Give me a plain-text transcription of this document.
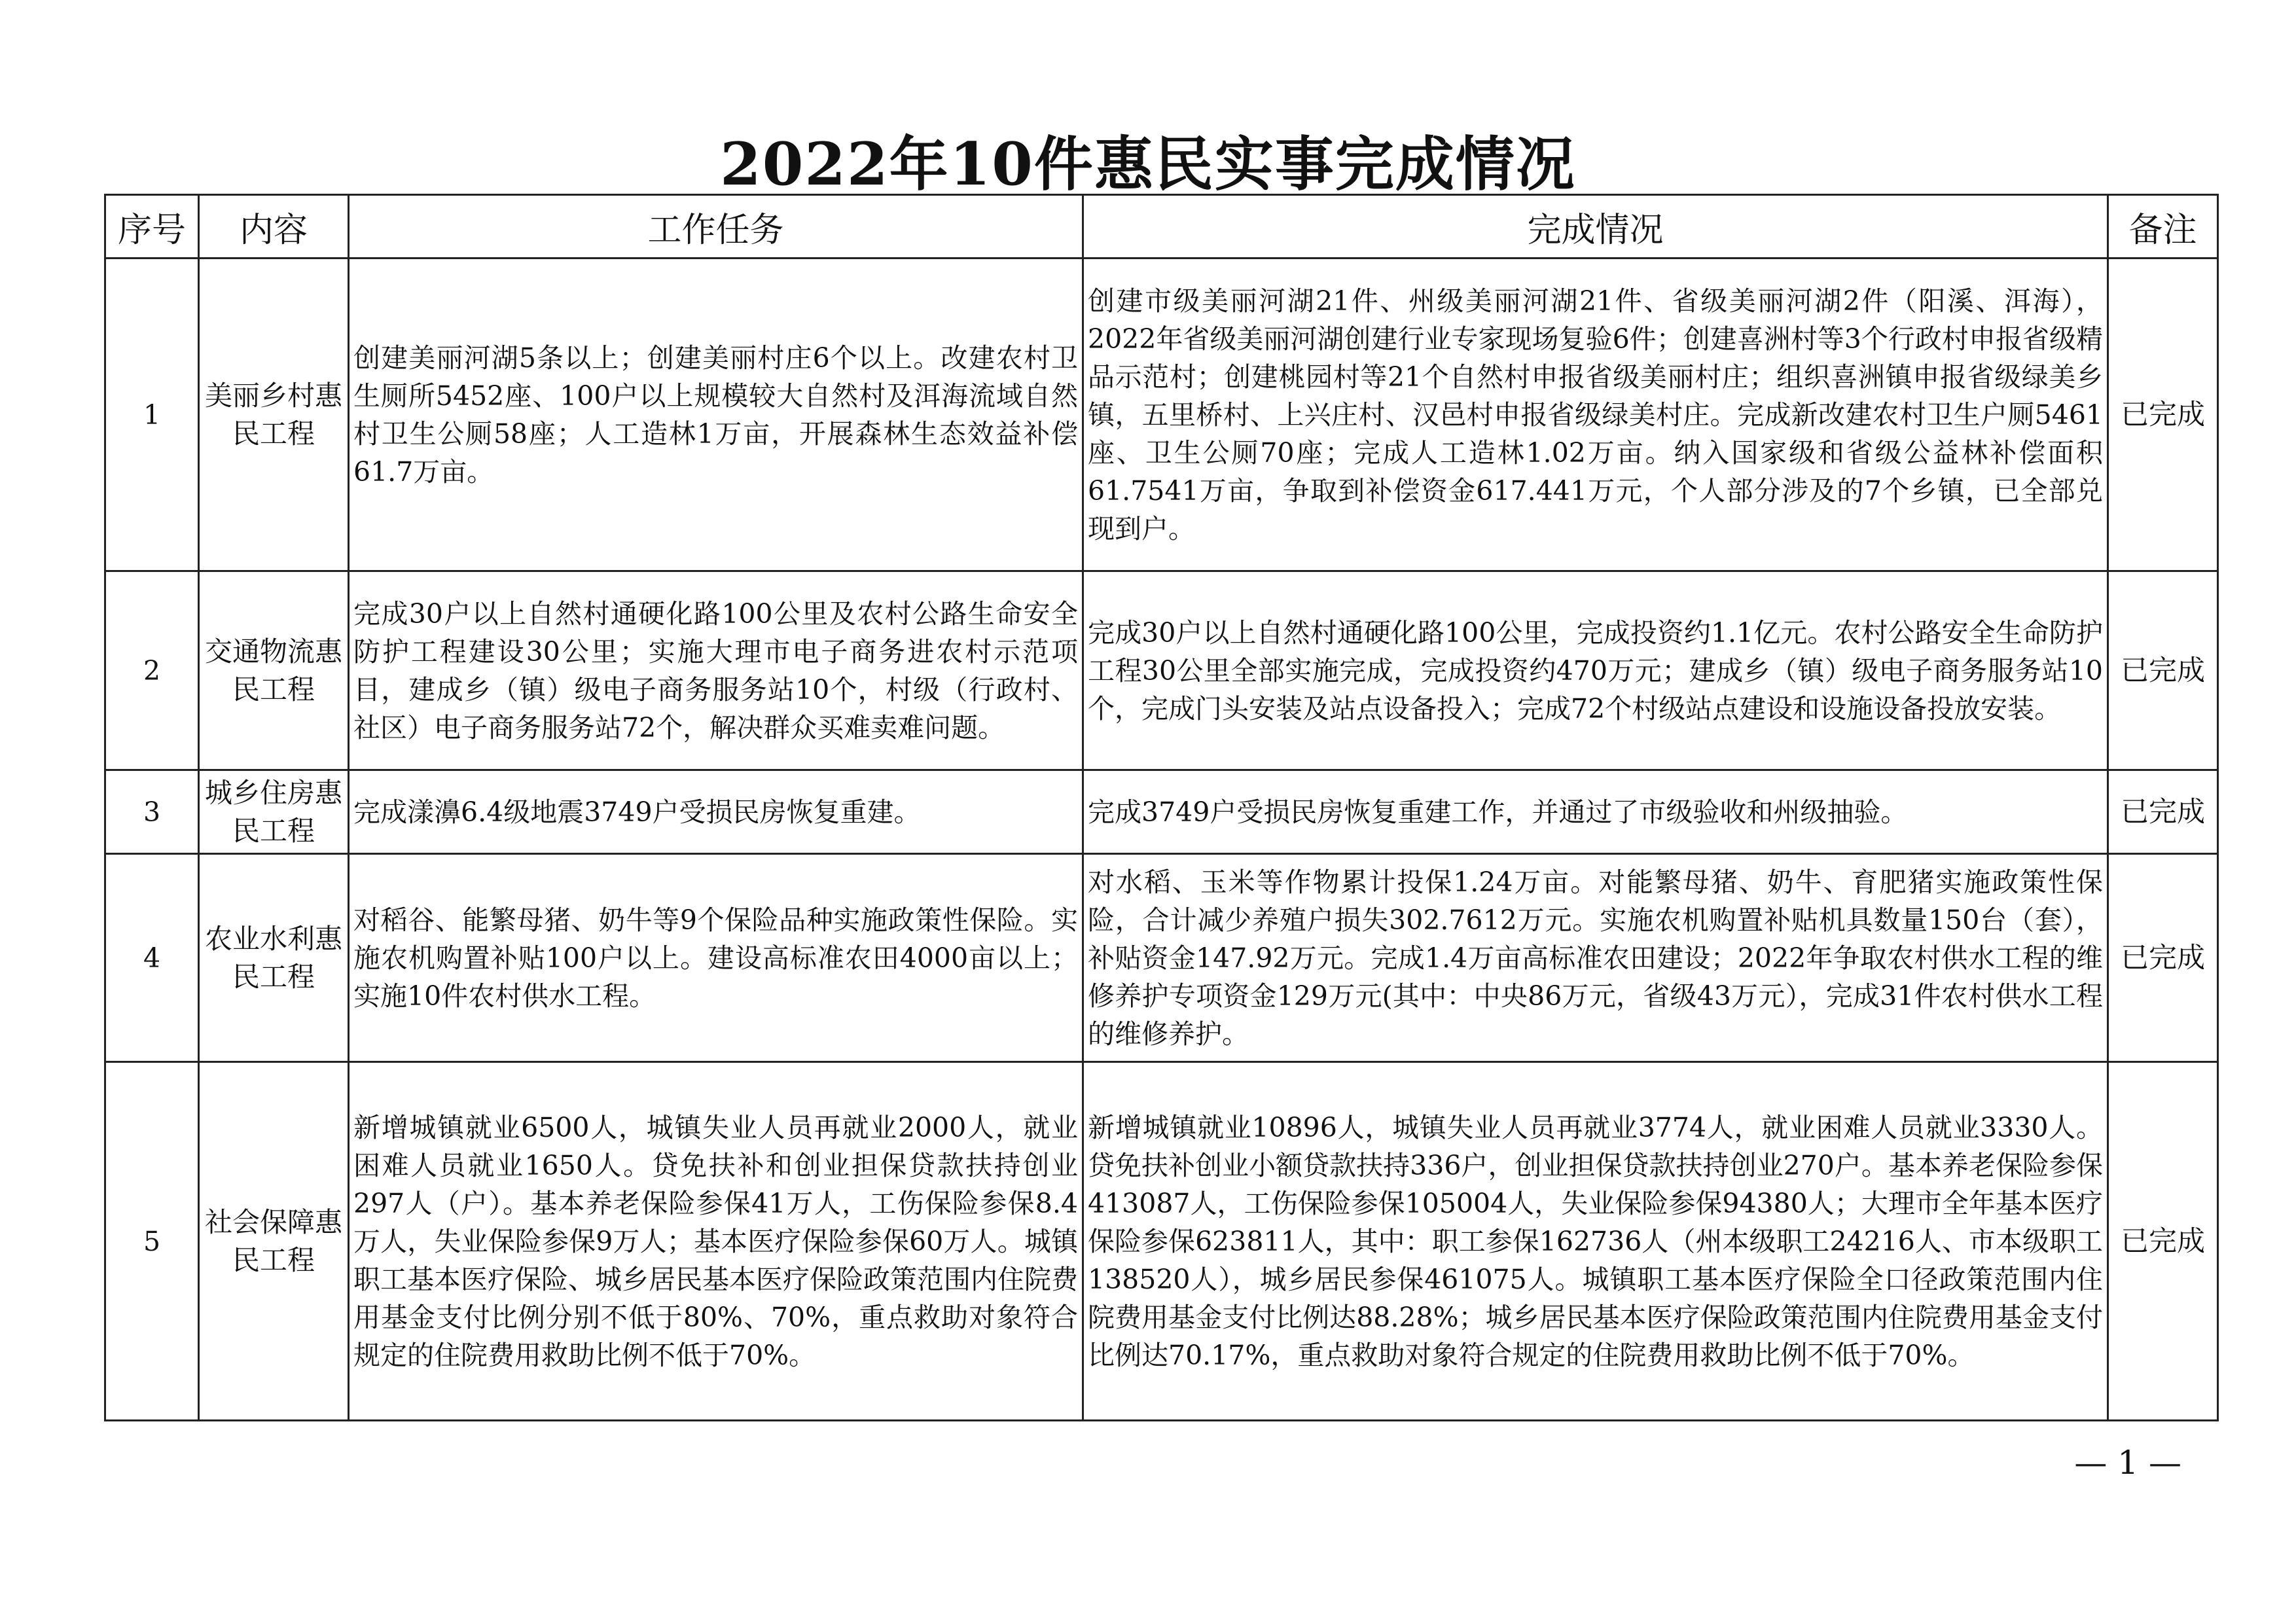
2022年10件惠民实事完成情况
序号	内容	工作任务	完成情况	备注
1	美丽乡村惠民工程	创建美丽河湖5条以上；创建美丽村庄6个以上。改建农村卫生厕所5452座、100户以上规模较大自然村及洱海流域自然村卫生公厕58座；人工造林1万亩，开展森林生态效益补偿61.7万亩。	创建市级美丽河湖21件、州级美丽河湖21件、省级美丽河湖2件（阳溪、洱海），2022年省级美丽河湖创建行业专家现场复验6件；创建喜洲村等3个行政村申报省级精品示范村；创建桃园村等21个自然村申报省级美丽村庄；组织喜洲镇申报省级绿美乡镇，五里桥村、上兴庄村、汉邑村申报省级绿美村庄。完成新改建农村卫生户厕5461座、卫生公厕70座；完成人工造林1.02万亩。纳入国家级和省级公益林补偿面积61.7541万亩，争取到补偿资金617.441万元，个人部分涉及的7个乡镇，已全部兑现到户。	已完成
2	交通物流惠民工程	完成30户以上自然村通硬化路100公里及农村公路生命安全防护工程建设30公里；实施大理市电子商务进农村示范项目，建成乡（镇）级电子商务服务站10个，村级（行政村、社区）电子商务服务站72个，解决群众买难卖难问题。	完成30户以上自然村通硬化路100公里，完成投资约1.1亿元。农村公路安全生命防护工程30公里全部实施完成，完成投资约470万元；建成乡（镇）级电子商务服务站10个，完成门头安装及站点设备投入；完成72个村级站点建设和设施设备投放安装。	已完成
3	城乡住房惠民工程	完成漾濞6.4级地震3749户受损民房恢复重建。	完成3749户受损民房恢复重建工作，并通过了市级验收和州级抽验。	已完成
4	农业水利惠民工程	对稻谷、能繁母猪、奶牛等9个保险品种实施政策性保险。实施农机购置补贴100户以上。建设高标准农田4000亩以上；实施10件农村供水工程。	对水稻、玉米等作物累计投保1.24万亩。对能繁母猪、奶牛、育肥猪实施政策性保险，合计减少养殖户损失302.7612万元。实施农机购置补贴机具数量150台（套），补贴资金147.92万元。完成1.4万亩高标准农田建设；2022年争取农村供水工程的维修养护专项资金129万元(其中：中央86万元，省级43万元），完成31件农村供水工程的维修养护。	已完成
5	社会保障惠民工程	新增城镇就业6500人，城镇失业人员再就业2000人，就业困难人员就业1650人。贷免扶补和创业担保贷款扶持创业297人（户）。基本养老保险参保41万人，工伤保险参保8.4万人，失业保险参保9万人；基本医疗保险参保60万人。城镇职工基本医疗保险、城乡居民基本医疗保险政策范围内住院费用基金支付比例分别不低于80%、70%，重点救助对象符合规定的住院费用救助比例不低于70%。	新增城镇就业10896人，城镇失业人员再就业3774人，就业困难人员就业3330人。贷免扶补创业小额贷款扶持336户，创业担保贷款扶持创业270户。基本养老保险参保413087人，工伤保险参保105004人，失业保险参保94380人；大理市全年基本医疗保险参保623811人，其中：职工参保162736人（州本级职工24216人、市本级职工138520人），城乡居民参保461075人。城镇职工基本医疗保险全口径政策范围内住院费用基金支付比例达88.28%；城乡居民基本医疗保险政策范围内住院费用基金支付比例达70.17%，重点救助对象符合规定的住院费用救助比例不低于70%。	已完成
— 1 —
